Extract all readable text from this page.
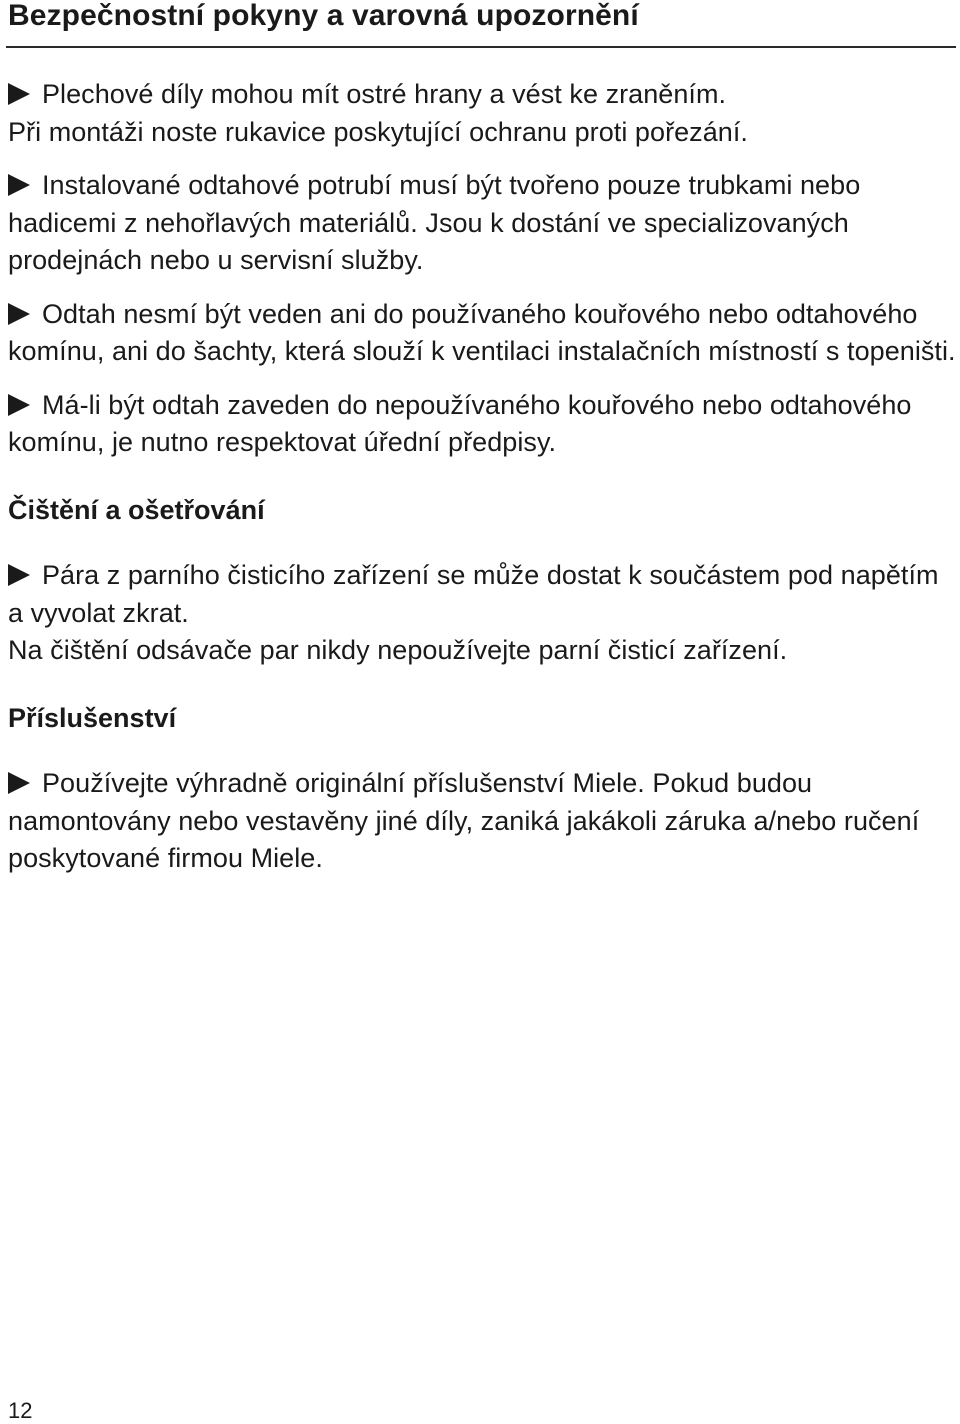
Bezpečnostní pokyny a varovná upozornění

Plechové díly mohou mít ostré hrany a vést ke zraněním.
Při montáži noste rukavice poskytující ochranu proti pořezání.

Instalované odtahové potrubí musí být tvořeno pouze trubkami nebo hadicemi z nehořlavých materiálů. Jsou k dostání ve specializovaných prodejnách nebo u servisní služby.

Odtah nesmí být veden ani do používaného kouřového nebo odtahového komínu, ani do šachty, která slouží k ventilaci instalačních místností s topeništi.

Má-li být odtah zaveden do nepoužívaného kouřového nebo odtahového komínu, je nutno respektovat úřední předpisy.

Čištění a ošetřování

Pára z parního čisticího zařízení se může dostat k součástem pod napětím a vyvolat zkrat.
Na čištění odsávače par nikdy nepoužívejte parní čisticí zařízení.

Příslušenství

Používejte výhradně originální příslušenství Miele. Pokud budou namontovány nebo vestavěny jiné díly, zaniká jakákoli záruka a/nebo ručení poskytované firmou Miele.

12
